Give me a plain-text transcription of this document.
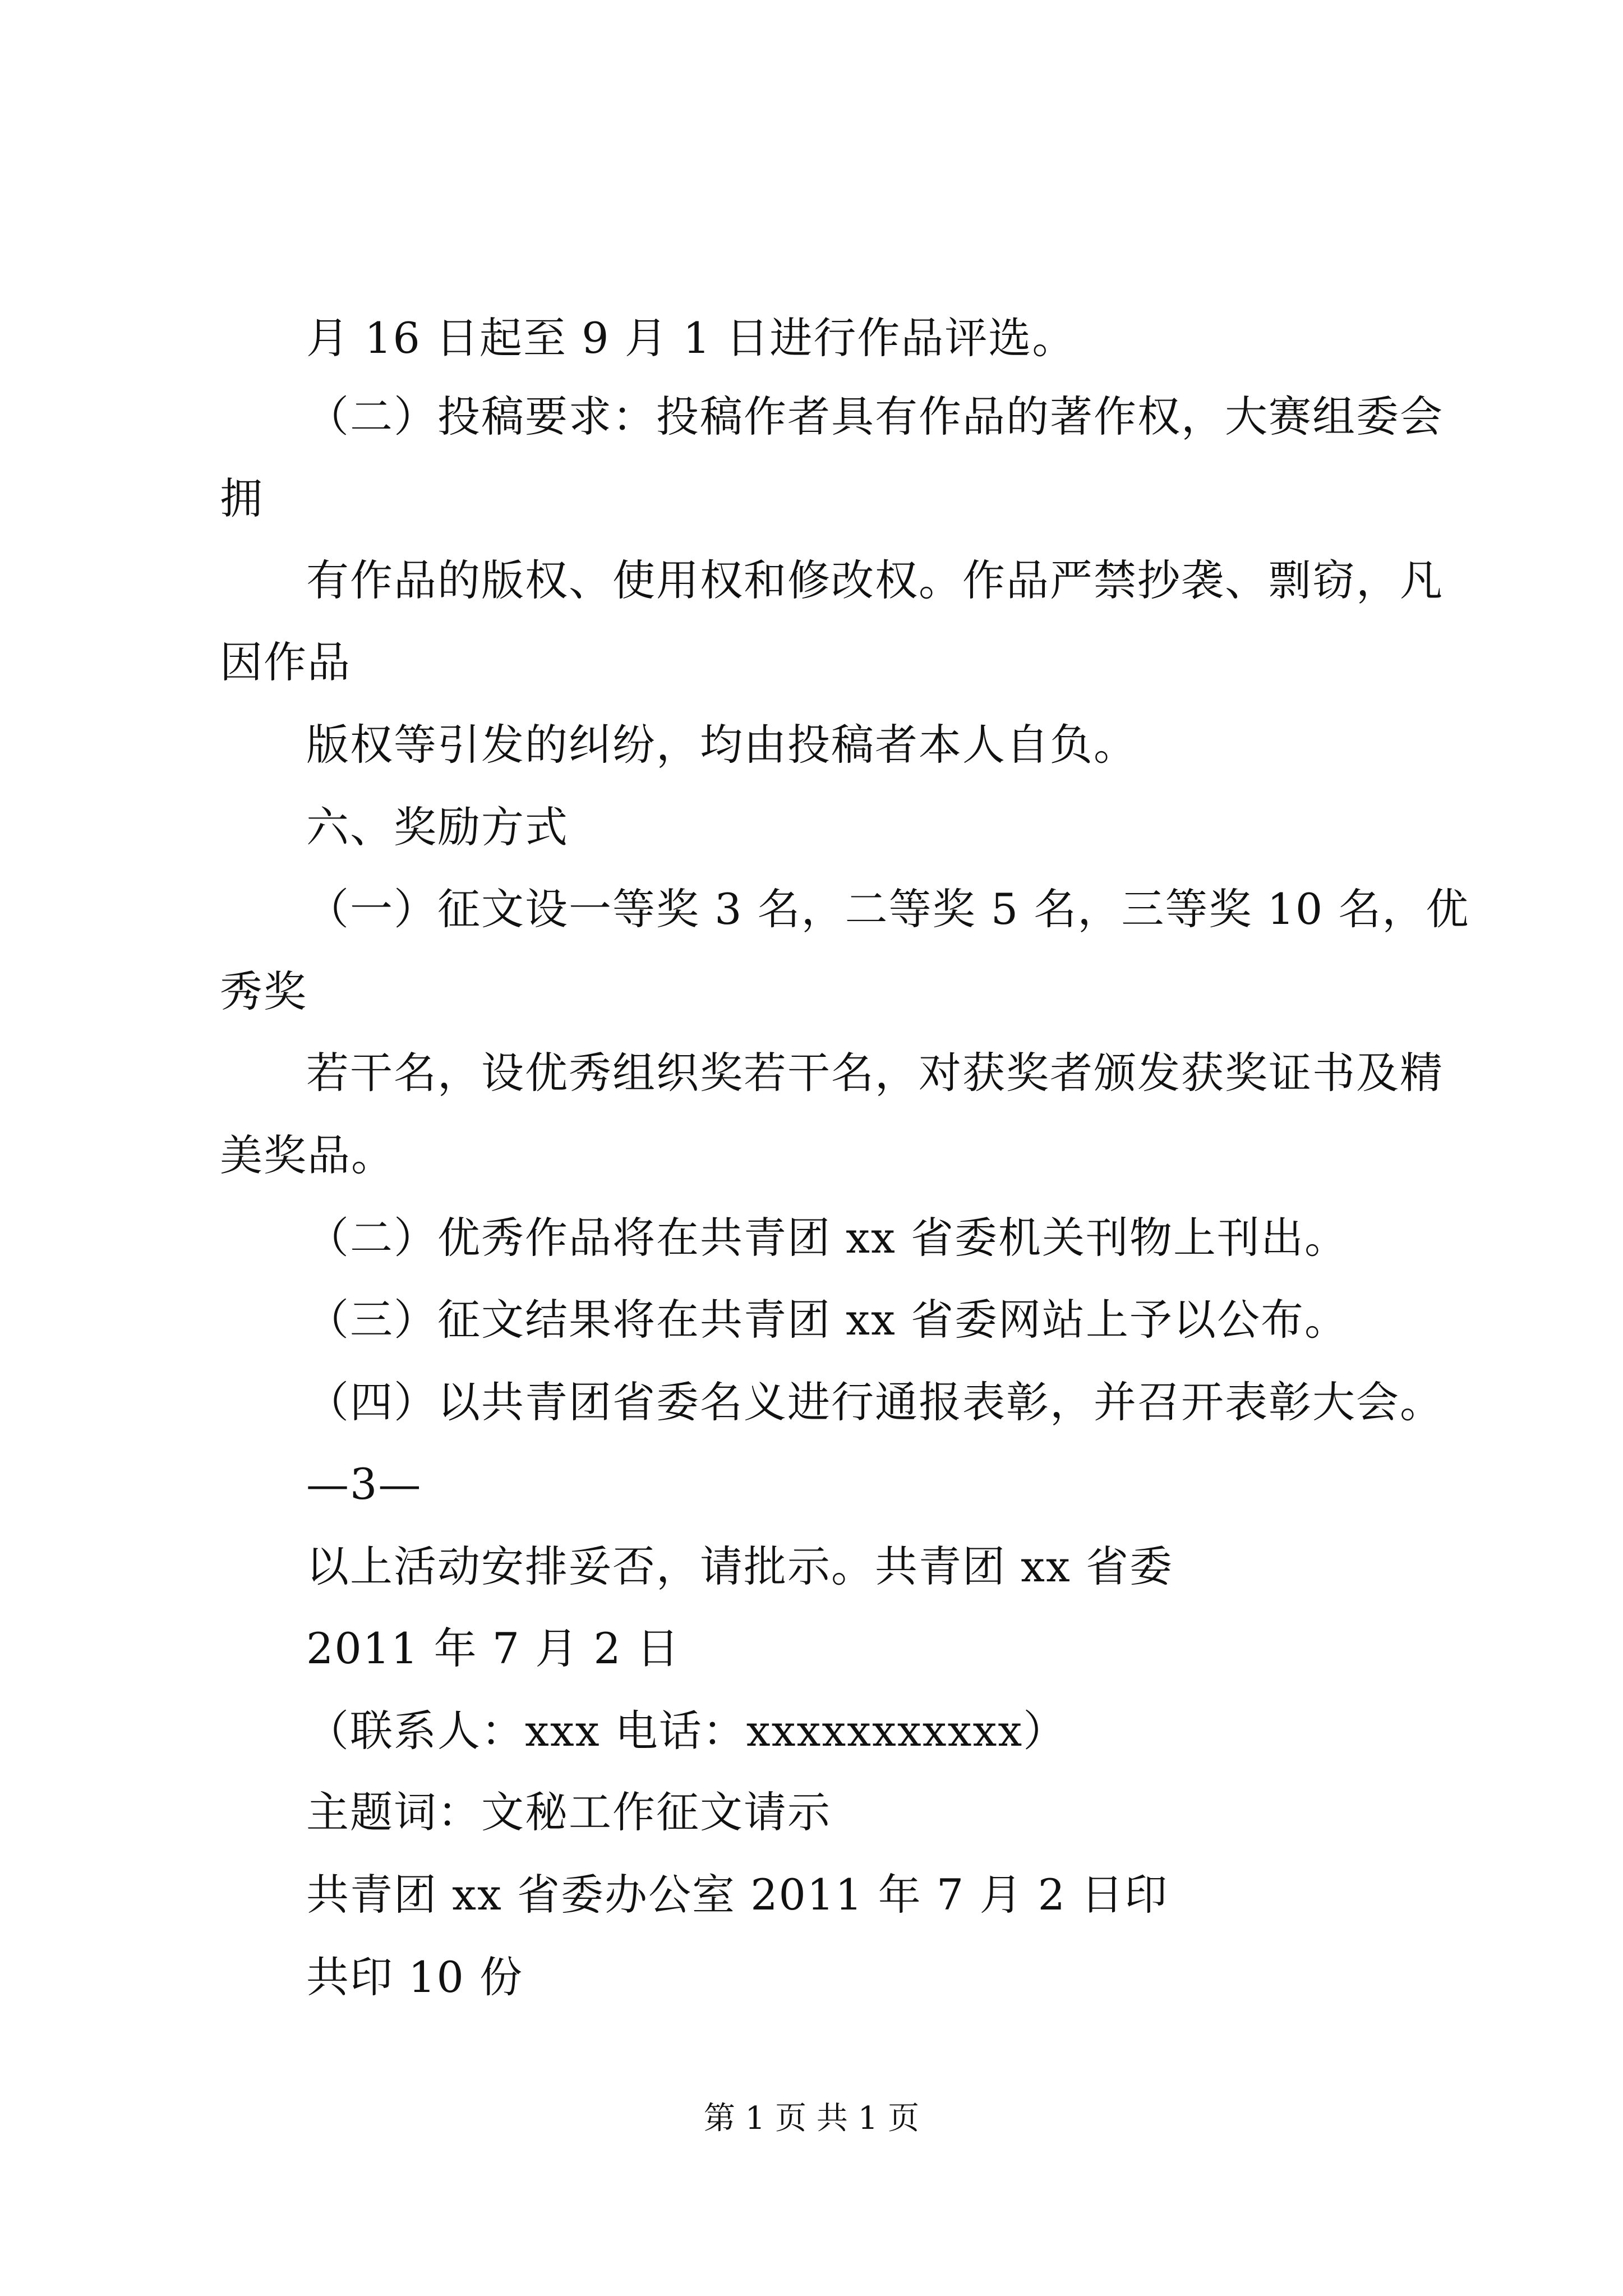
月 16 日起至 9 月 1 日进行作品评选。
（二）投稿要求：投稿作者具有作品的著作权，大赛组委会
拥
有作品的版权、使用权和修改权。作品严禁抄袭、剽窃，凡
因作品
版权等引发的纠纷，均由投稿者本人自负。
六、奖励方式
（一）征文设一等奖 3 名，二等奖 5 名，三等奖 10 名，优
秀奖
若干名，设优秀组织奖若干名，对获奖者颁发获奖证书及精
美奖品。
（二）优秀作品将在共青团 xx 省委机关刊物上刊出。
（三）征文结果将在共青团 xx 省委网站上予以公布。
（四）以共青团省委名义进行通报表彰，并召开表彰大会。
—3—
以上活动安排妥否，请批示。共青团 xx 省委
2011 年 7 月 2 日
（联系人：xxx 电话：xxxxxxxxxxx）
主题词：文秘工作征文请示
共青团 xx 省委办公室 2011 年 7 月 2 日印
共印 10 份
第 1 页 共 1 页
